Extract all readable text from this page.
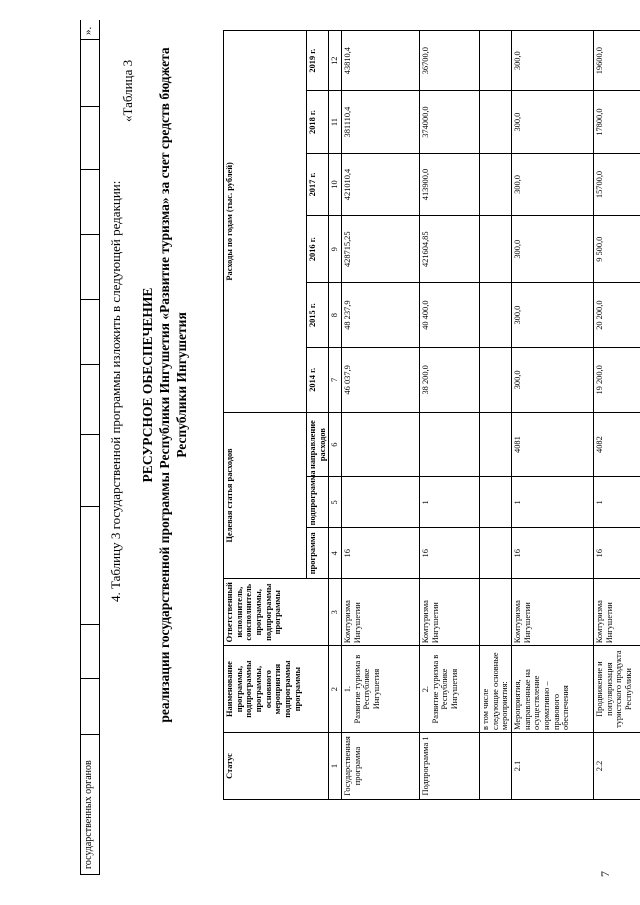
государственных органов
».
4. Таблицу 3 государственной программы изложить в следующей редакции:
«Таблица 3
РЕСУРСНОЕ ОБЕСПЕЧЕНИЕ реализации государственной программы Республики Ингушетия «Развитие туризма» за счет средств бюджета Республики Ингушетия
Статус	Наименование программы, подпрограммы программы, основного мероприятия подпрограммы программы	Ответственный исполнитель, соисполнитель программы, подпрограммы программы	Целевая статья расходов			Расходы по годам (тыс. рублей)					
			программа	подпрограмма	направление расходов	2014 г.	2015 г.	2016 г.	2017 г.	2018 г.	2019 г.
1	2	3	4	5	6	7	8	9	10	11	12
Государственная программа	1. Развитие туризма в Республике Ингушетия	Комтуризма Ингушетии	16			46 037,9	48 237,9	428715,25	421010,4	381110,4	43810,4
Подпрограмма 1	2. Развитие туризма в Республике Ингушетия	Комтуризма Ингушетии	16	1		38 200,0	40 400,0	421604,85	413900,0	374000,0	36700,0
	в том числе следующие основные мероприятия:										
2.1	Мероприятия, направленные на осуществление нормативно – правового обеспечения	Комтуризма Ингушетии	16	1	4081	300,0	300,0	300,0	300,0	300,0	300,0
2.2	Продвижение и популяризация туристского продукта Республики	Комтуризма Ингушетии	16	1	4082	19 200,0	20 200,0	9 500,0	15700,0	17800,0	19600,0
7
